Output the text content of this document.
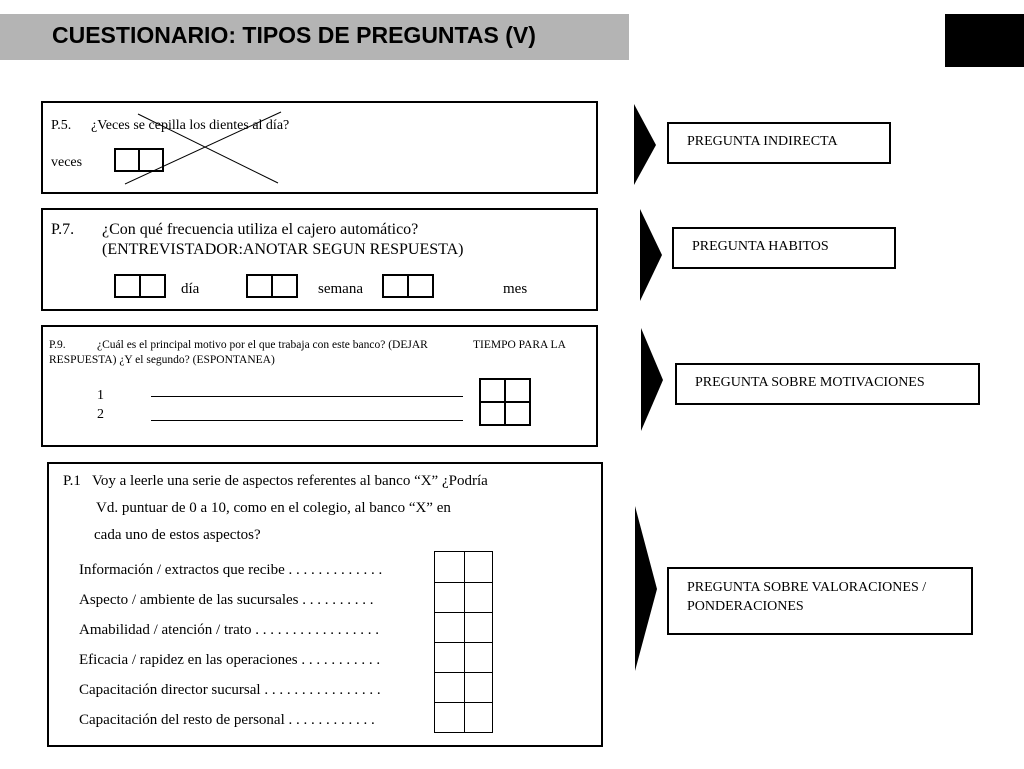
CUESTIONARIO: TIPOS DE PREGUNTAS (V)
P.5. ¿Veces se cepilla los dientes al día?
veces
P.7. ¿Con qué frecuencia utiliza el cajero automático?
(ENTREVISTADOR:ANOTAR SEGUN RESPUESTA)
día	semana	mes
P.9.	¿Cuál es el principal motivo por el que trabaja con este banco? (DEJAR	TIEMPO PARA LA
RESPUESTA) ¿Y el segundo? (ESPONTANEA)
1
2
P.1 Voy a leerle una serie de aspectos referentes al banco “X” ¿Podría
Vd. puntuar de 0 a 10, como en el colegio, al banco “X” en
cada uno de estos aspectos?
Información / extractos que recibe . . . . . . . . . . . . .
Aspecto / ambiente de las sucursales . . . . . . . . . .
Amabilidad / atención / trato . . . . . . . . . . . . . . . . .
Eficacia / rapidez en las operaciones . . . . . . . . . . .
Capacitación director sucursal . . . . . . . . . . . . . . . .
Capacitación del resto de personal . . . . . . . . . . . .
PREGUNTA INDIRECTA
PREGUNTA HABITOS
PREGUNTA SOBRE MOTIVACIONES
PREGUNTA SOBRE VALORACIONES /
PONDERACIONES
